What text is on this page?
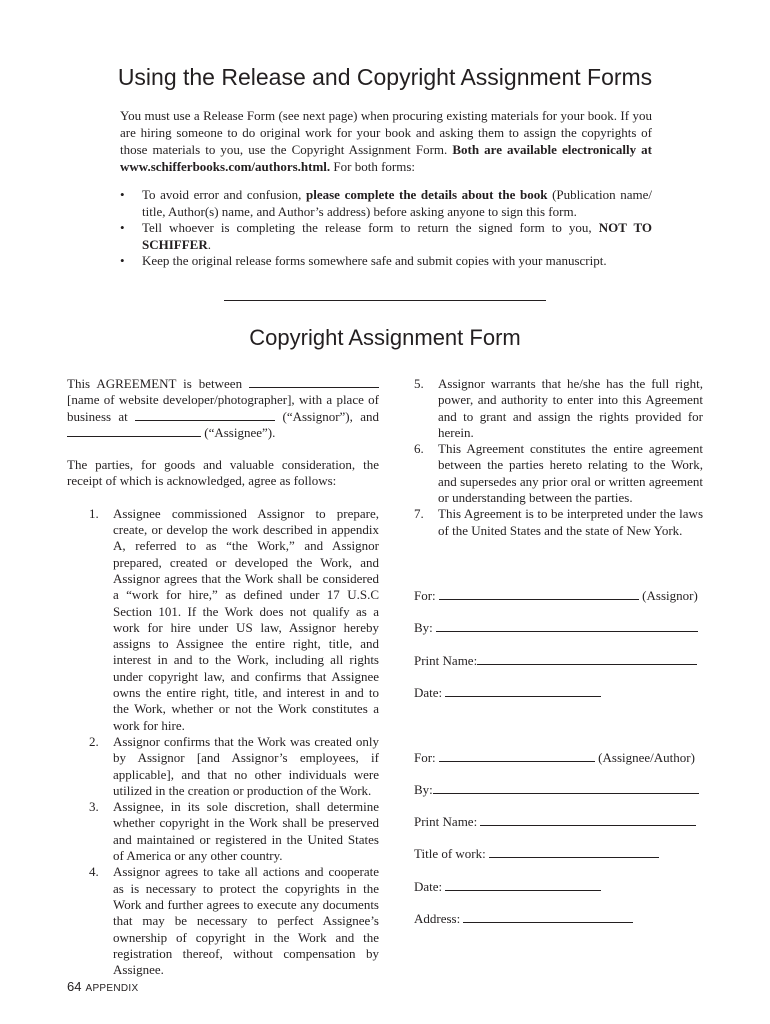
Using the Release and Copyright Assignment Forms

You must use a Release Form (see next page) when procuring existing materials for your book. If you are hiring someone to do original work for your book and asking them to assign the copyrights of those materials to you, use the Copyright Assignment Form. Both are available electronically at www.schifferbooks.com/authors.html. For both forms:

• To avoid error and confusion, please complete the details about the book (Publication name/ title, Author(s) name, and Author’s address) before asking anyone to sign this form.
• Tell whoever is completing the release form to return the signed form to you, NOT TO SCHIFFER.
• Keep the original release forms somewhere safe and submit copies with your manuscript.
Copyright Assignment Form

This AGREEMENT is between  [name of website developer/photographer], with a place of business at	(“Assignor”), and  (“Assignee”).

The parties, for goods and valuable consideration, the receipt of which is acknowledged, agree as follows:

1. Assignee commissioned Assignor to prepare, create, or develop the work described in appendix A, referred to as “the Work,” and Assignor prepared, created or developed the Work, and Assignor agrees that the Work shall be considered a “work for hire,” as defined under 17 U.S.C Section 101. If the Work does not qualify as a work for hire under US law, Assignor hereby assigns to Assignee the entire right, title, and interest in and to the Work, including all rights under copyright law, and confirms that Assignee owns the entire right, title, and interest in and to the Work, whether or not the Work constitutes a work for hire.
2. Assignor confirms that the Work was created only by Assignor [and Assignor’s employees, if applicable], and that no other individuals were utilized in the creation or production of the Work.
3. Assignee, in its sole discretion, shall determine whether copyright in the Work shall be preserved and maintained or registered in the United States of America or any other country.
4. Assignor agrees to take all actions and cooperate as is necessary to protect the copyrights in the Work and further agrees to execute any documents that may be necessary to perfect Assignee’s ownership of copyright in the Work and the registration thereof, without compensation by Assignee.
5. Assignor warrants that he/she has the full right, power, and authority to enter into this Agreement and to grant and assign the rights provided for herein.
6. This Agreement constitutes the entire agreement between the parties hereto relating to the Work, and supersedes any prior oral or written agreement or understanding between the parties.
7. This Agreement is to be interpreted under the laws of the United States and the state of New York.
For:	(Assignor)
By:
Print Name:
Date:
For:	(Assignee/Author)
By:
Print Name:
Title of work:
Date:
Address:
64 APPENDIX
